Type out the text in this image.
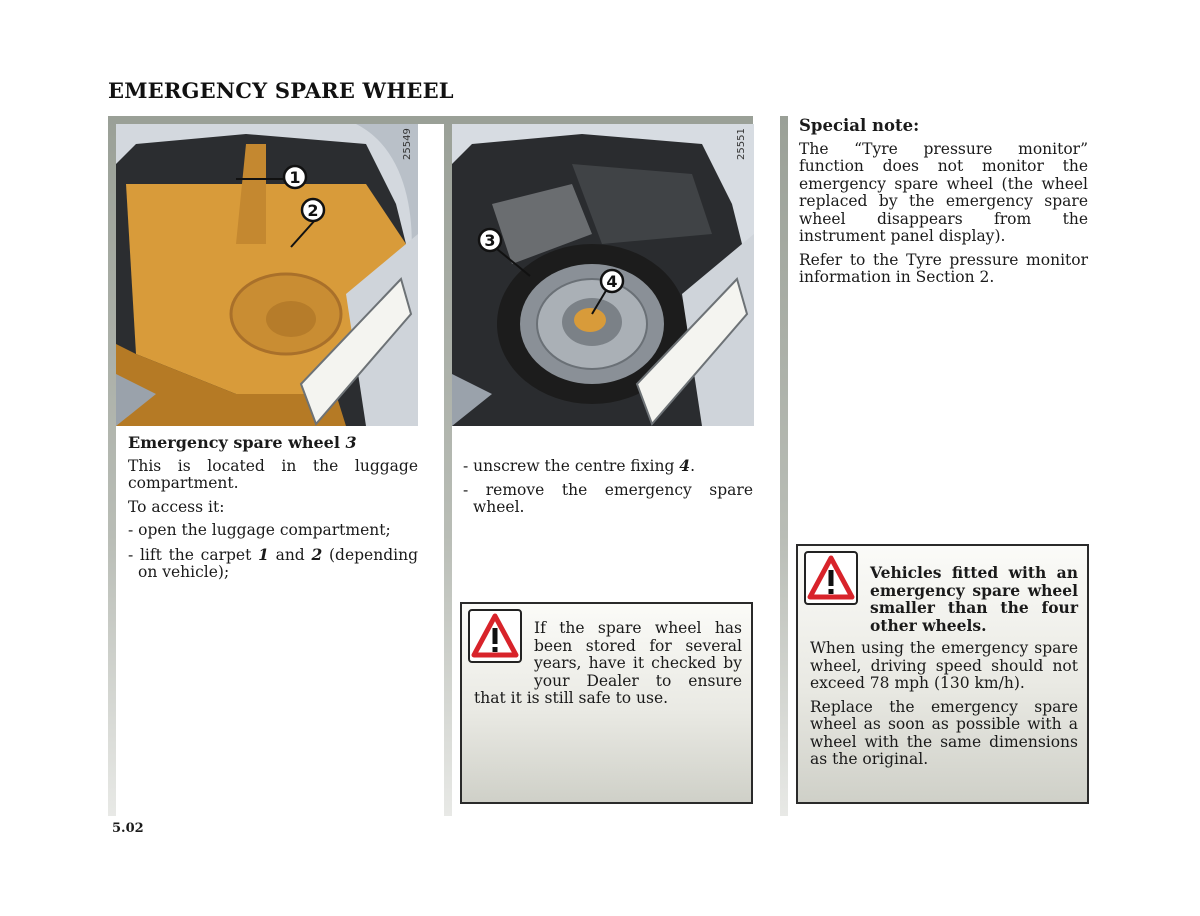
EMERGENCY SPARE WHEEL
1
2
25549
3
4
25551

Emergency spare wheel 3

This is located in the luggage compartment.

To access it:

- open the luggage compartment;

- lift the carpet 1 and 2 (depending on vehicle);

- unscrew the centre fixing 4.

- remove the emergency spare wheel.

If the spare wheel has been stored for several years, have it checked by your Dealer to ensure that it is still safe to use.

Special note:

The “Tyre pressure monitor” function does not monitor the emergency spare wheel (the wheel replaced by the emergency spare wheel disappears from the instrument panel display).

Refer to the Tyre pressure monitor information in Section 2.

Vehicles fitted with an emergency spare wheel smaller than the four other wheels.

When using the emergency spare wheel, driving speed should not exceed 78 mph (130 km/h).

Replace the emergency spare wheel as soon as possible with a wheel with the same dimensions as the original.

5.02
